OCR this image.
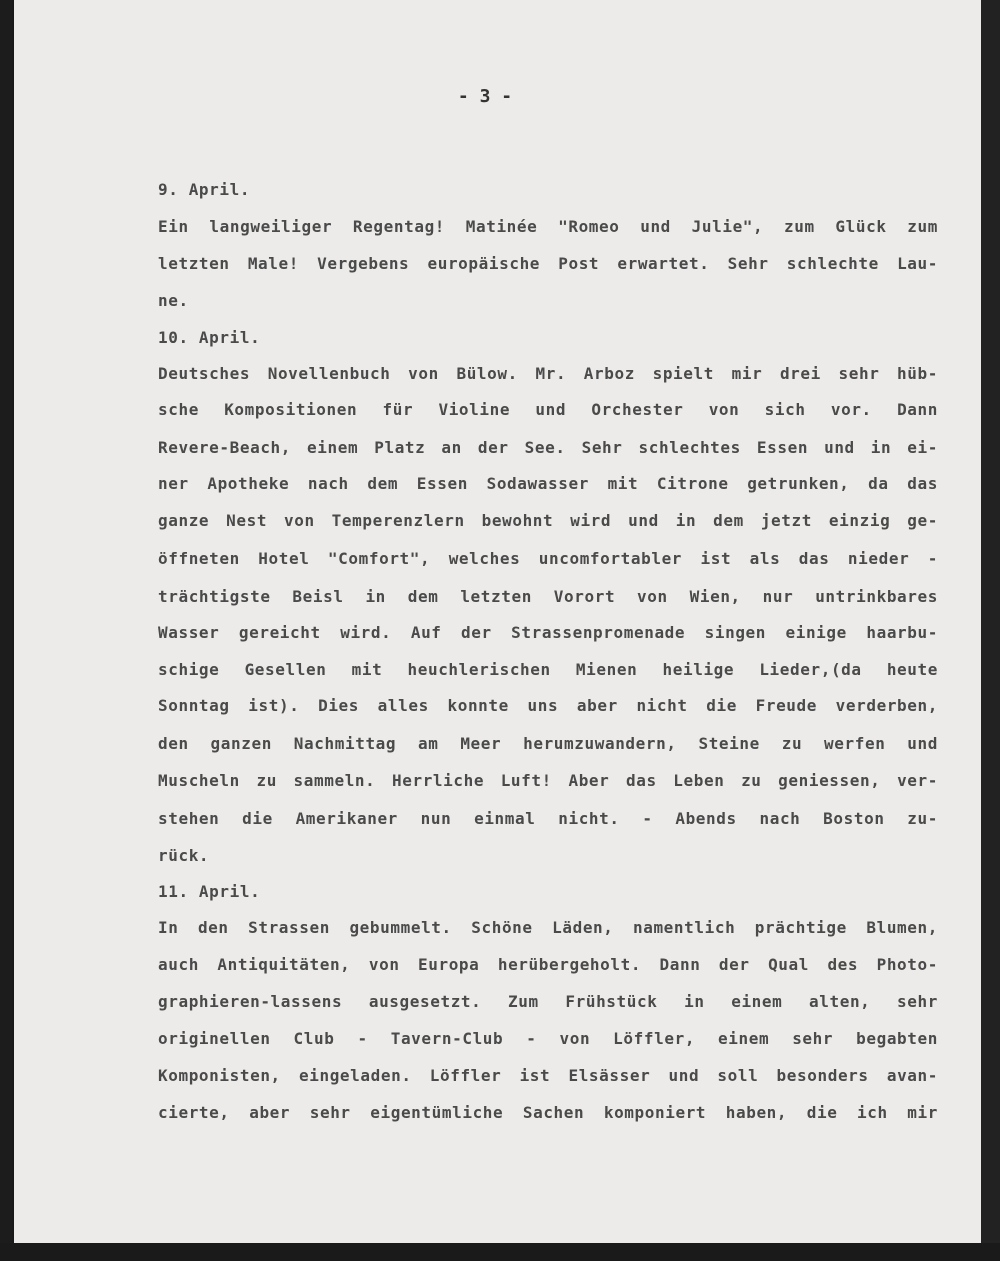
- 3 -
9. April.
Ein langweiliger Regentag! Matinée "Romeo und Julie", zum Glück zum
letzten Male! Vergebens europäische Post erwartet. Sehr schlechte Lau-
ne.
10. April.
Deutsches Novellenbuch von Bülow. Mr. Arboz spielt mir drei sehr hüb-
sche Kompositionen für Violine und Orchester von sich vor. Dann
Revere-Beach, einem Platz an der See. Sehr schlechtes Essen und in ei-
ner Apotheke nach dem Essen Sodawasser mit Citrone getrunken, da das
ganze Nest von Temperenzlern bewohnt wird und in dem jetzt einzig ge-
öffneten Hotel "Comfort", welches uncomfortabler ist als das nieder -
trächtigste Beisl in dem letzten Vorort von Wien, nur untrinkbares
Wasser gereicht wird. Auf der Strassenpromenade singen einige haarbu-
schige Gesellen mit heuchlerischen Mienen heilige Lieder,(da heute
Sonntag ist). Dies alles konnte uns aber nicht die Freude verderben,
den ganzen Nachmittag am Meer herumzuwandern, Steine zu werfen und
Muscheln zu sammeln. Herrliche Luft! Aber das Leben zu geniessen, ver-
stehen die Amerikaner nun einmal nicht. - Abends nach Boston zu-
rück.
11. April.
In den Strassen gebummelt. Schöne Läden, namentlich prächtige Blumen,
auch Antiquitäten, von Europa herübergeholt. Dann der Qual des Photo-
graphieren-lassens ausgesetzt. Zum Frühstück in einem alten, sehr
originellen Club - Tavern-Club - von Löffler, einem sehr begabten
Komponisten, eingeladen. Löffler ist Elsässer und soll besonders avan-
cierte, aber sehr eigentümliche Sachen komponiert haben, die ich mir
